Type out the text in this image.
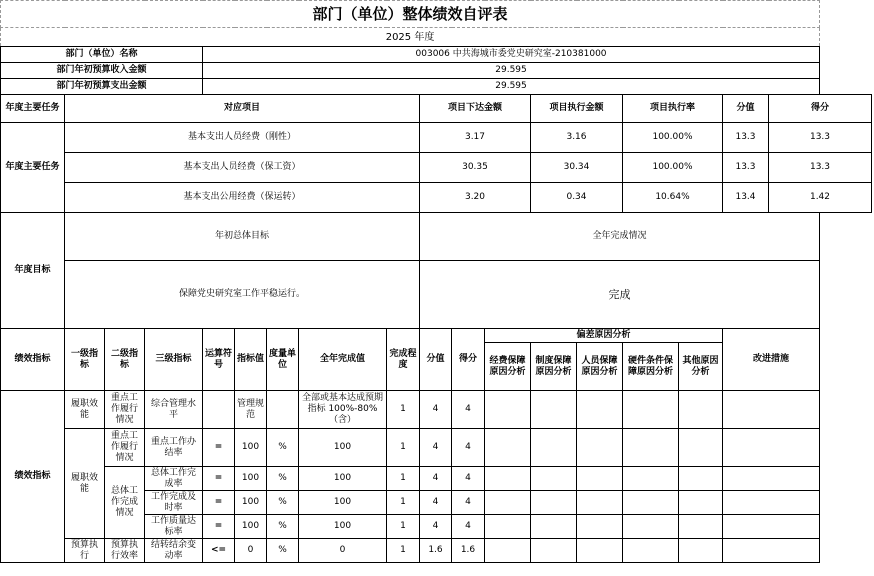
部门（单位）整体绩效自评表																	
2025 年度																	
部门（单位）名称				003006 中共海城市委党史研究室-210381000													
部门年初预算收入金额				29.595													
部门年初预算支出金额				29.595													
年度主要任务	对应项目								项目下达金额			项目执行金额		项目执行率		分值	得分
年度主要任务	基本支出人员经费（刚性）								3.17			3.16		100.00%		13.3	13.3
	基本支出人员经费（保工资）								30.35			30.34		100.00%		13.3	13.3
	基本支出公用经费（保运转）								3.20			0.34		10.64%		13.4	1.42
年度目标	年初总体目标								全年完成情况								
	保障党史研究室工作平稳运行。								完成								
绩效指标	一级指标	二级指标	三级指标	运算符号	指标值	度量单位	全年完成值	完成程度	分值	得分	偏差原因分析					改进措施	
											经费保障原因分析	制度保障原因分析	人员保障原因分析	硬件条件保障原因分析	其他原因分析		
绩效指标	履职效能	重点工作履行情况	综合管理水平		管理规范		全部或基本达成预期指标 100%-80%（含）	1	4	4							
	履职效能	重点工作履行情况	重点工作办结率	=	100	%	100	1	4	4							
		总体工作完成情况	总体工作完成率	=	100	%	100	1	4	4							
			工作完成及时率	=	100	%	100	1	4	4							
			工作质量达标率	=	100	%	100	1	4	4							
	预算执行	预算执行效率	结转结余变动率	<=	0	%	0	1	1.6	1.6							
